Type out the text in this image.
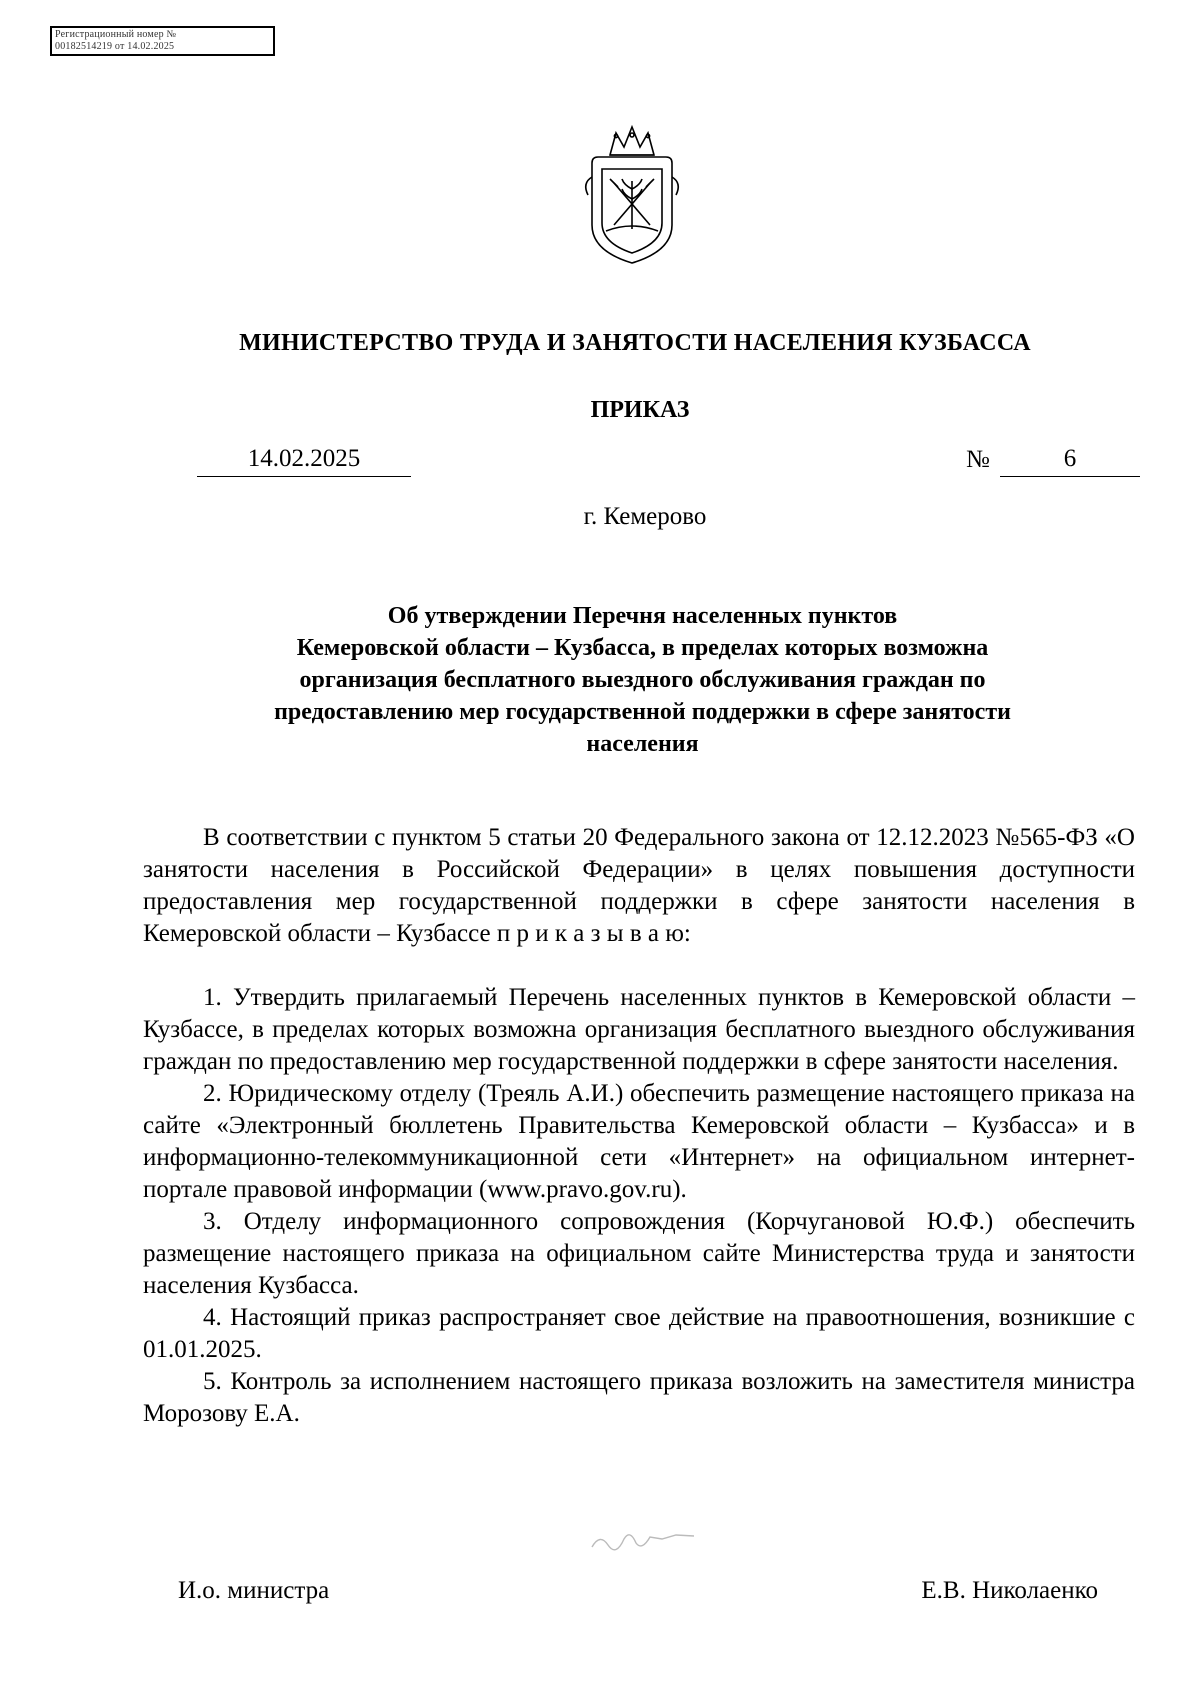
Регистрационный номер №
00182514219 от 14.02.2025
МИНИСТЕРСТВО ТРУДА И ЗАНЯТОСТИ НАСЕЛЕНИЯ КУЗБАССА
ПРИКАЗ
14.02.2025	№	6
г. Кемерово
Об утверждении Перечня населенных пунктов
Кемеровской области – Кузбасса, в пределах которых возможна
организация бесплатного выездного обслуживания граждан по
предоставлению мер государственной поддержки в сфере занятости
населения

В соответствии с пунктом 5 статьи 20 Федерального закона от 12.12.2023 №565-ФЗ «О занятости населения в Российской Федерации» в целях повышения доступности предоставления мер государственной поддержки в сфере занятости населения в Кемеровской области – Кузбассе п р и к а з ы в а ю:

1. Утвердить прилагаемый Перечень населенных пунктов в Кемеровской области – Кузбассе, в пределах которых возможна организация бесплатного выездного обслуживания граждан по предоставлению мер государственной поддержки в сфере занятости населения.

2. Юридическому отделу (Трeяль А.И.) обеспечить размещение настоящего приказа на сайте «Электронный бюллетень Правительства Кемеровской области – Кузбасса» и в информационно-телекоммуникационной сети «Интернет» на официальном интернет-портале правовой информации (www.pravo.gov.ru).

3. Отделу информационного сопровождения (Корчугановой Ю.Ф.) обеспечить размещение настоящего приказа на официальном сайте Министерства труда и занятости населения Кузбасса.

4. Настоящий приказ распространяет свое действие на правоотношения, возникшие с 01.01.2025.

5. Контроль за исполнением настоящего приказа возложить на заместителя министра Морозову Е.А.

И.о. министра	Е.В. Николаенко
